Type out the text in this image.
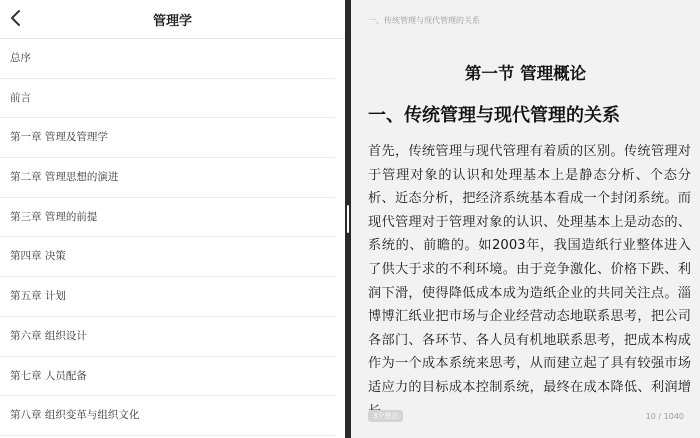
管理学
总序
前言
第一章 管理及管理学
第二章 管理思想的演进
第三章 管理的前提
第四章 决策
第五章 计划
第六章 组织设计
第七章 人员配备
第八章 组织变革与组织文化
一、传统管理与现代管理的关系
第一节 管理概论
一、传统管理与现代管理的关系

首先，传统管理与现代管理有着质的区别。传统管理对于管理对象的认识和处理基本上是静态分析、个态分析、近态分析，把经济系统基本看成一个封闭系统。而现代管理对于管理对象的认识、处理基本上是动态的、系统的、前瞻的。如2003年，我国造纸行业整体进入了供大于求的不利环境。由于竞争激化、价格下跌、利润下滑，使得降低成本成为造纸企业的共同关注点。淄博博汇纸业把市场与企业经营动态地联系思考，把公司各部门、各环节、各人员有机地联系思考，把成本构成作为一个成本系统来思考，从而建立起了具有较强市场适应力的目标成本控制系统，最终在成本降低、利润增

3个想法	10 / 1040
